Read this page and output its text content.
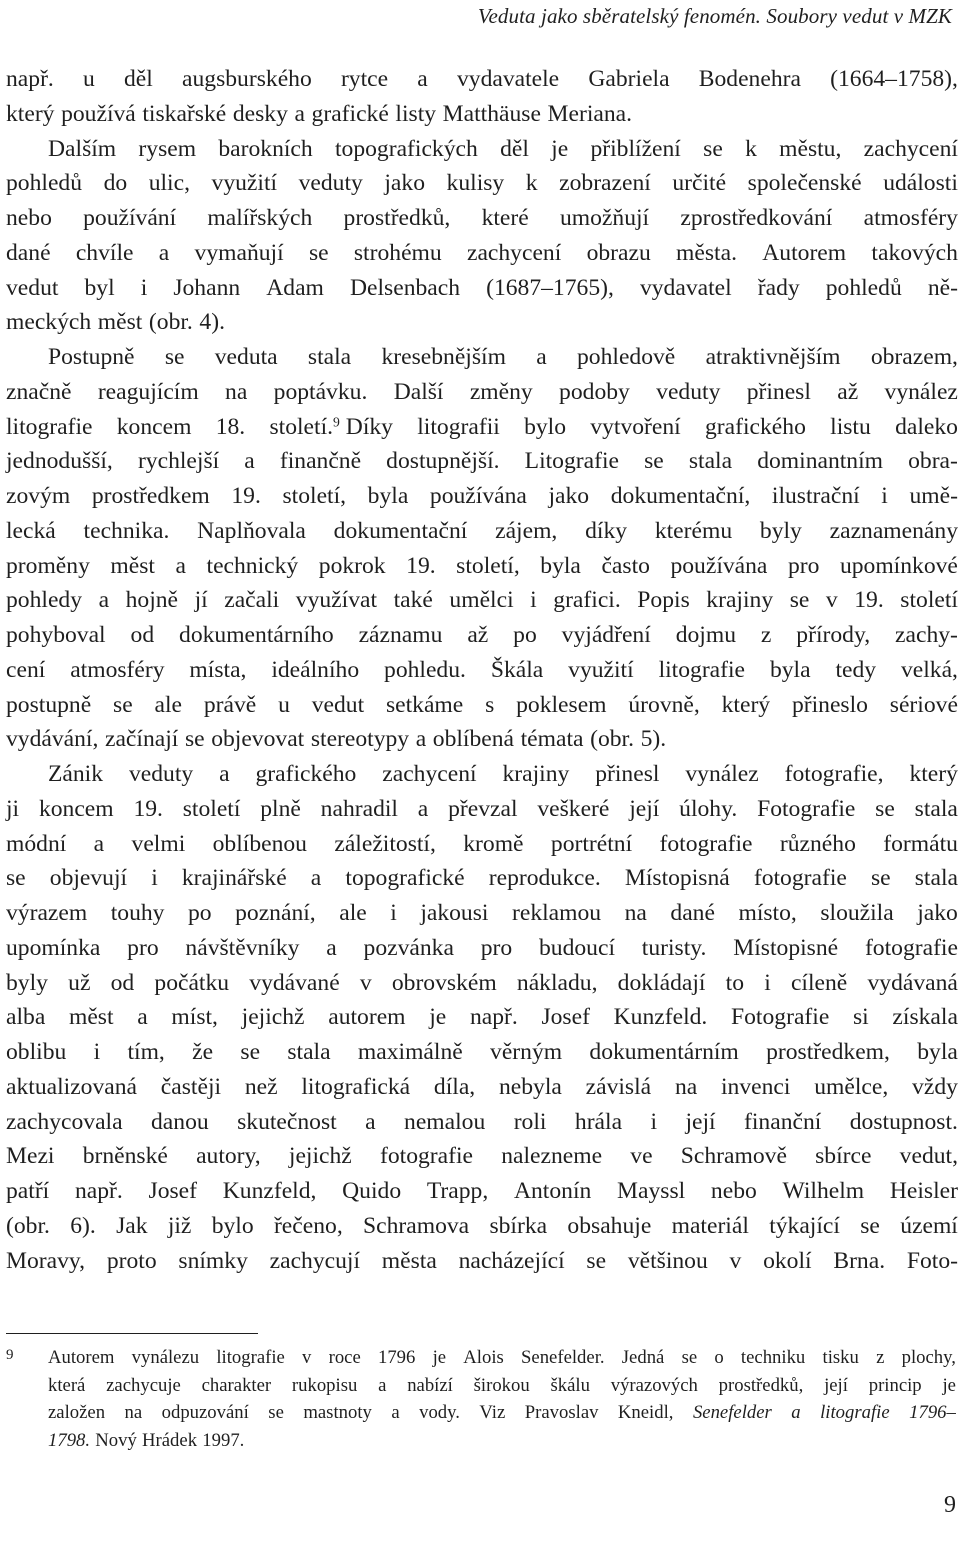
Veduta jako sběratelský fenomén. Soubory vedut v MZK
např. u děl augsburského rytce a vydavatele Gabriela Bodenehra (1664–1758),
který používá tiskařské desky a grafické listy Matthäuse Meriana.
Dalším rysem barokních topografických děl je přiblížení se k městu, zachycení
pohledů do ulic, využití veduty jako kulisy k zobrazení určité společenské události
nebo používání malířských prostředků, které umožňují zprostředkování atmosféry
dané chvíle a vymaňují se strohému zachycení obrazu města. Autorem takových
vedut byl i Johann Adam Delsenbach (1687–1765), vydavatel řady pohledů ně-
meckých měst (obr. 4).
Postupně se veduta stala kresebnějším a pohledově atraktivnějším obrazem,
značně reagujícím na poptávku. Další změny podoby veduty přinesl až vynález
litografie koncem 18. století.$^9$ Díky litografii bylo vytvoření grafického listu daleko
jednodušší, rychlejší a finančně dostupnější. Litografie se stala dominantním obra-
zovým prostředkem 19. století, byla používána jako dokumentační, ilustrační i umě-
lecká technika. Naplňovala dokumentační zájem, díky kterému byly zaznamenány
proměny měst a technický pokrok 19. století, byla často používána pro upomínkové
pohledy a hojně jí začali využívat také umělci i grafici. Popis krajiny se v 19. století
pohyboval od dokumentárního záznamu až po vyjádření dojmu z přírody, zachy-
cení atmosféry místa, ideálního pohledu. Škála využití litografie byla tedy velká,
postupně se ale právě u vedut setkáme s poklesem úrovně, který přineslo sériové
vydávání, začínají se objevovat stereotypy a oblíbená témata (obr. 5).
Zánik veduty a grafického zachycení krajiny přinesl vynález fotografie, který
ji koncem 19. století plně nahradil a převzal veškeré její úlohy. Fotografie se stala
módní a velmi oblíbenou záležitostí, kromě portrétní fotografie různého formátu
se objevují i krajinářské a topografické reprodukce. Místopisná fotografie se stala
výrazem touhy po poznání, ale i jakousi reklamou na dané místo, sloužila jako
upomínka pro návštěvníky a pozvánka pro budoucí turisty. Místopisné fotografie
byly už od počátku vydávané v obrovském nákladu, dokládají to i cíleně vydávaná
alba měst a míst, jejichž autorem je např. Josef Kunzfeld. Fotografie si získala
oblibu i tím, že se stala maximálně věrným dokumentárním prostředkem, byla
aktualizovaná častěji než litografická díla, nebyla závislá na invenci umělce, vždy
zachycovala danou skutečnost a nemalou roli hrála i její finanční dostupnost.
Mezi brněnské autory, jejichž fotografie nalezneme ve Schramově sbírce vedut,
patří např. Josef Kunzfeld, Quido Trapp, Antonín Mayssl nebo Wilhelm Heisler
(obr. 6). Jak již bylo řečeno, Schramova sbírka obsahuje materiál týkající se území
Moravy, proto snímky zachycují města nacházející se většinou v okolí Brna. Foto-
9 Autorem vynálezu litografie v roce 1796 je Alois Senefelder. Jedná se o techniku tisku z plochy,
která zachycuje charakter rukopisu a nabízí širokou škálu výrazových prostředků, její princip je
založen na odpuzování se mastnoty a vody. Viz Pravoslav Kneidl, Senefelder a litografie 1796–
1798. Nový Hrádek 1997.
9
